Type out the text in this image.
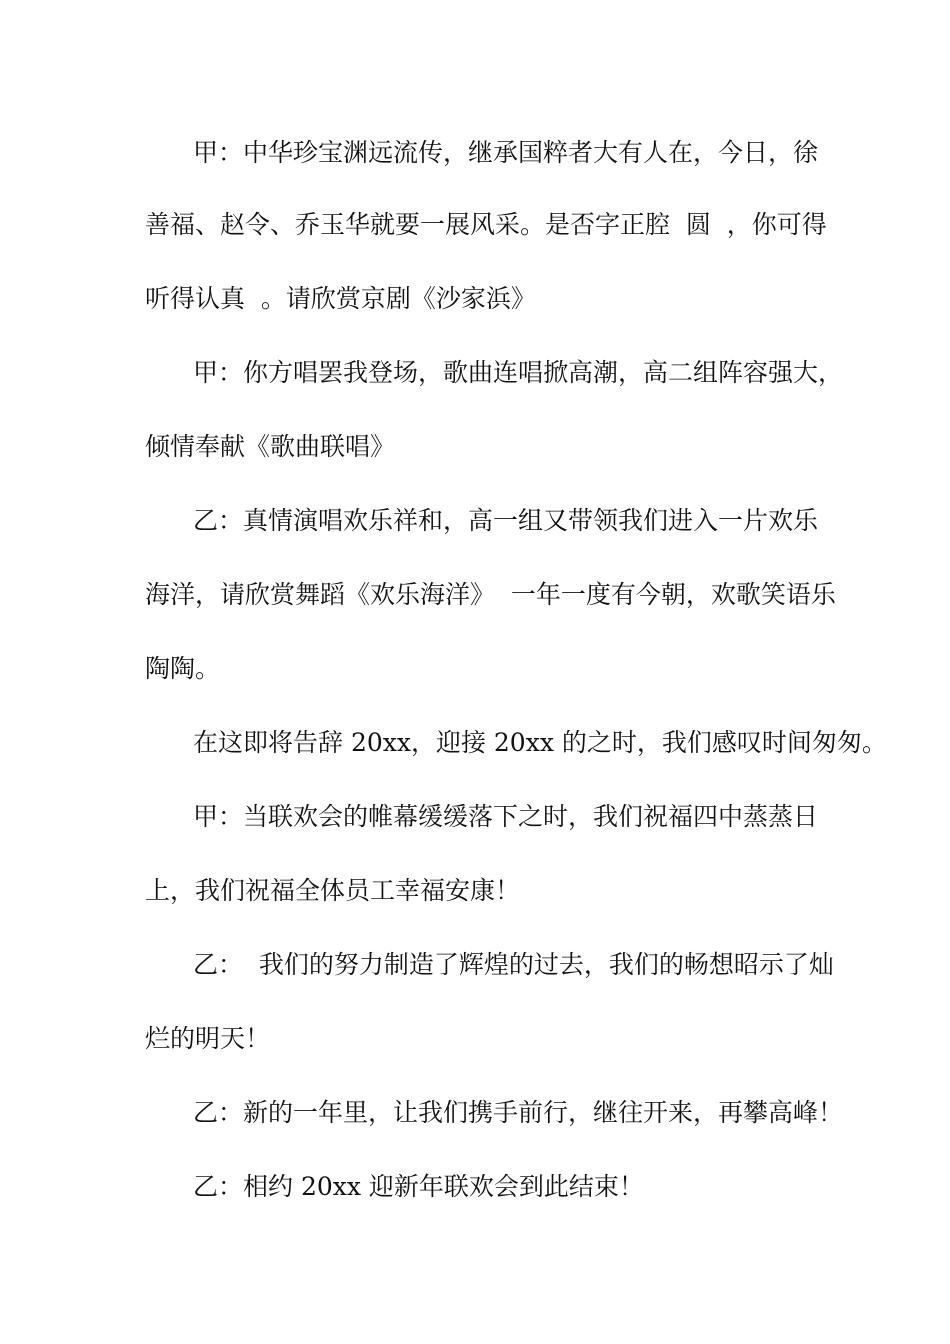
甲：中华珍宝渊远流传，继承国粹者大有人在，今日，徐
善福、赵令、乔玉华就要一展风采。是否字正腔  圆  ，你可得
听得认真  。请欣赏京剧《沙家浜》
甲：你方唱罢我登场，歌曲连唱掀高潮，高二组阵容强大，
倾情奉献《歌曲联唱》
乙：真情演唱欢乐祥和，高一组又带领我们进入一片欢乐
海洋，请欣赏舞蹈《欢乐海洋》  一年一度有今朝，欢歌笑语乐
陶陶。
在这即将告辞 20xx，迎接 20xx 的之时，我们感叹时间匆匆。
甲：当联欢会的帷幕缓缓落下之时，我们祝福四中蒸蒸日
上，我们祝福全体员工幸福安康！
乙：  我们的努力制造了辉煌的过去，我们的畅想昭示了灿
烂的明天！
乙：新的一年里，让我们携手前行，继往开来，再攀高峰！
乙：相约 20xx 迎新年联欢会到此结束！
